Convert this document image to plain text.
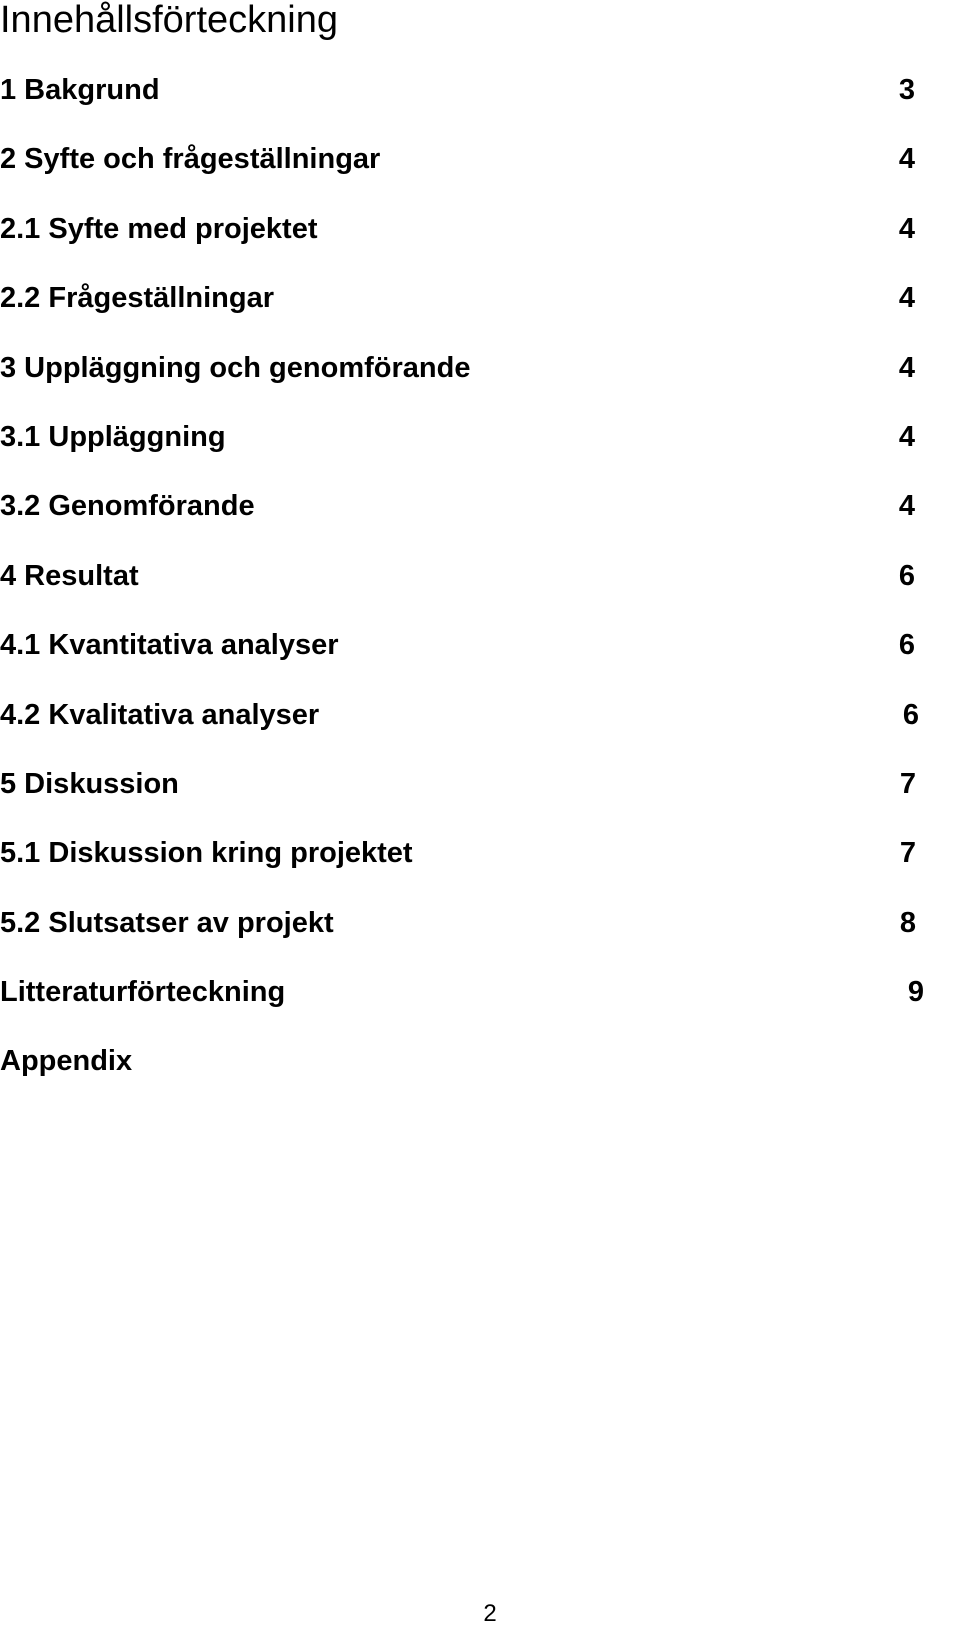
Innehållsförteckning
1 Bakgrund	3
2 Syfte och frågeställningar	4
2.1 Syfte med projektet	4
2.2 Frågeställningar	4
3 Uppläggning och genomförande	4
3.1 Uppläggning	4
3.2 Genomförande	4
4 Resultat	6
4.1 Kvantitativa analyser	6
4.2 Kvalitativa analyser	6
5 Diskussion	7
5.1 Diskussion kring projektet	7
5.2 Slutsatser av projekt	8
Litteraturförteckning	9
Appendix
2
